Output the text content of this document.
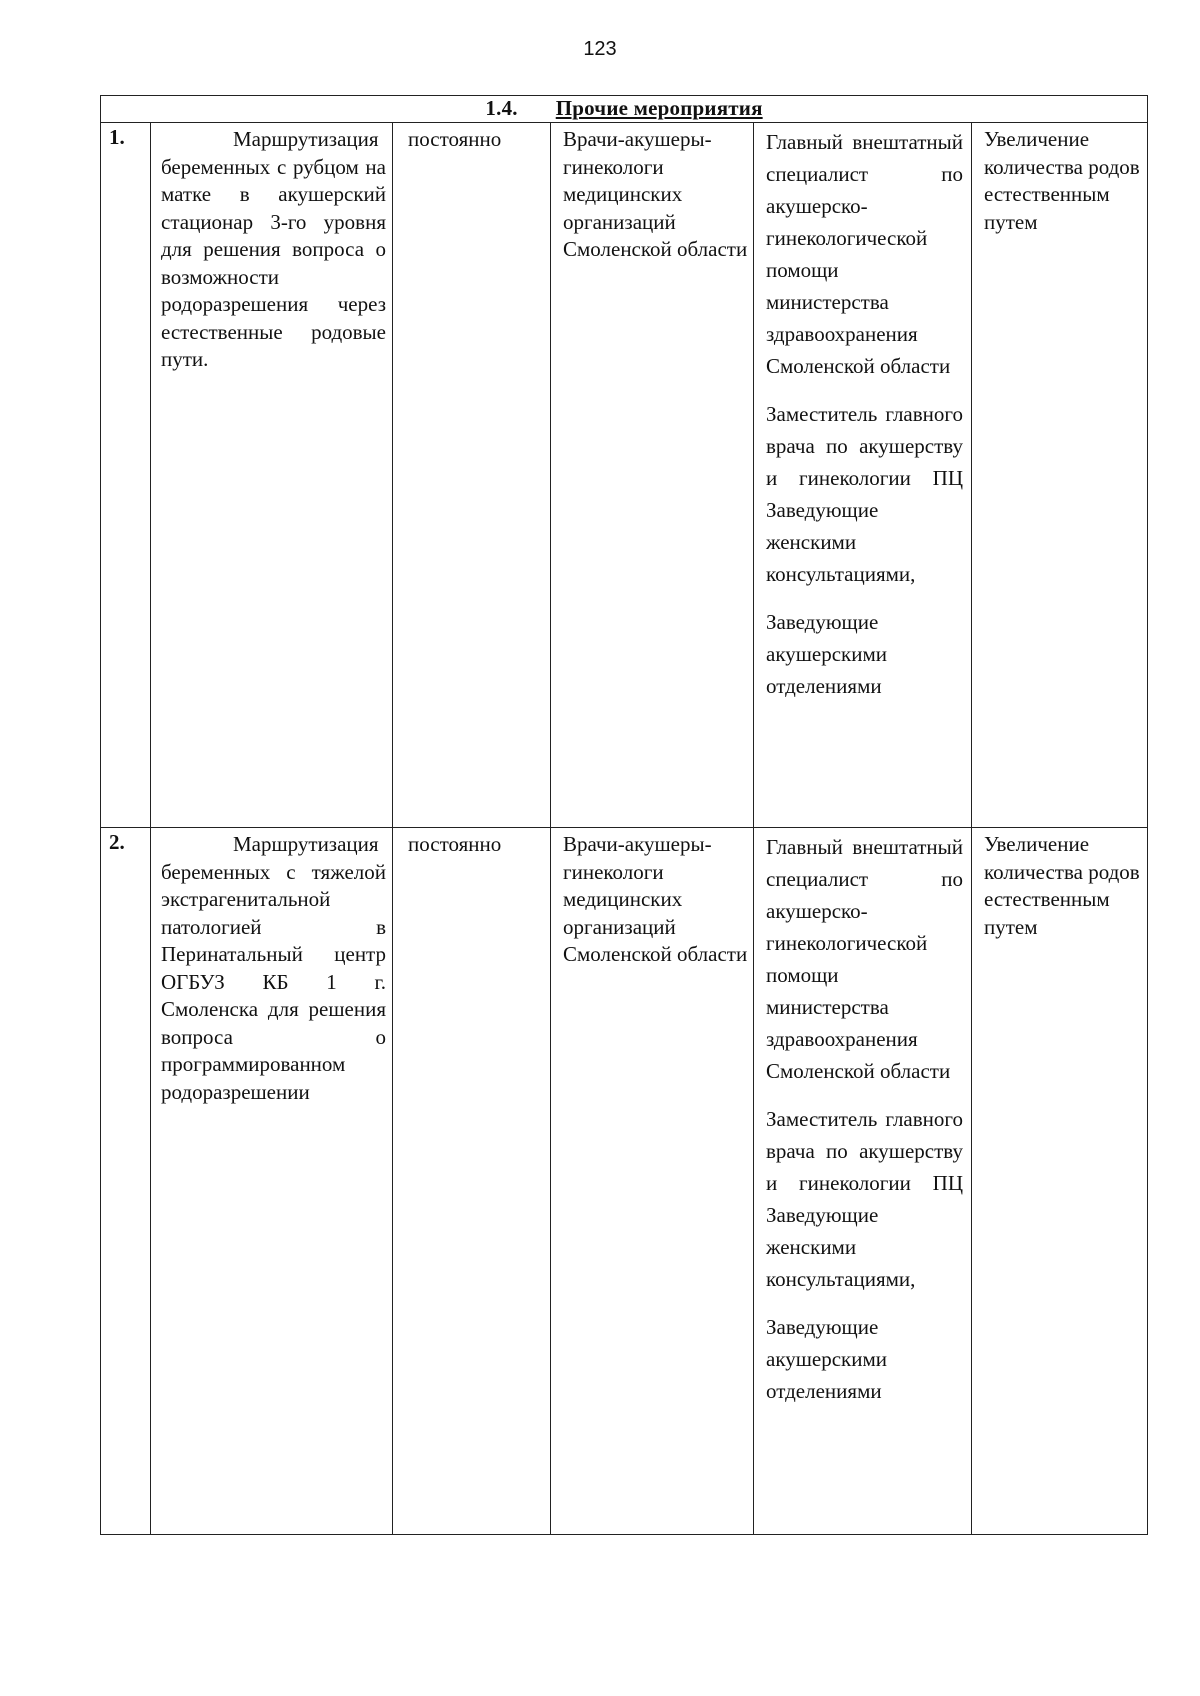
123
1.4. Прочие мероприятия					
1.	Маршрутизация беременных с рубцом на матке в акушерский стационар 3-го уровня для решения вопроса о возможности родоразрешения через естественные родовые пути.	постоянно	Врачи-акушеры-гинекологи медицинских организаций Смоленской области	Главный внештатный специалист по акушерско-гинекологической помощи министерства здравоохранения Смоленской области
Заместитель главного врача по акушерству и гинекологии ПЦ Заведующие женскими консультациями,
Заведующие акушерскими отделениями	Увеличение количества родов естественным путем
2.	Маршрутизация беременных с тяжелой экстрагенитальной патологией в Перинатальный центр ОГБУЗ КБ 1 г. Смоленска для решения вопроса о программированном родоразрешении	постоянно	Врачи-акушеры-гинекологи медицинских организаций Смоленской области	Главный внештатный специалист по акушерско-гинекологической помощи министерства здравоохранения Смоленской области
Заместитель главного врача по акушерству и гинекологии ПЦ Заведующие женскими консультациями,
Заведующие акушерскими отделениями	Увеличение количества родов естественным путем
